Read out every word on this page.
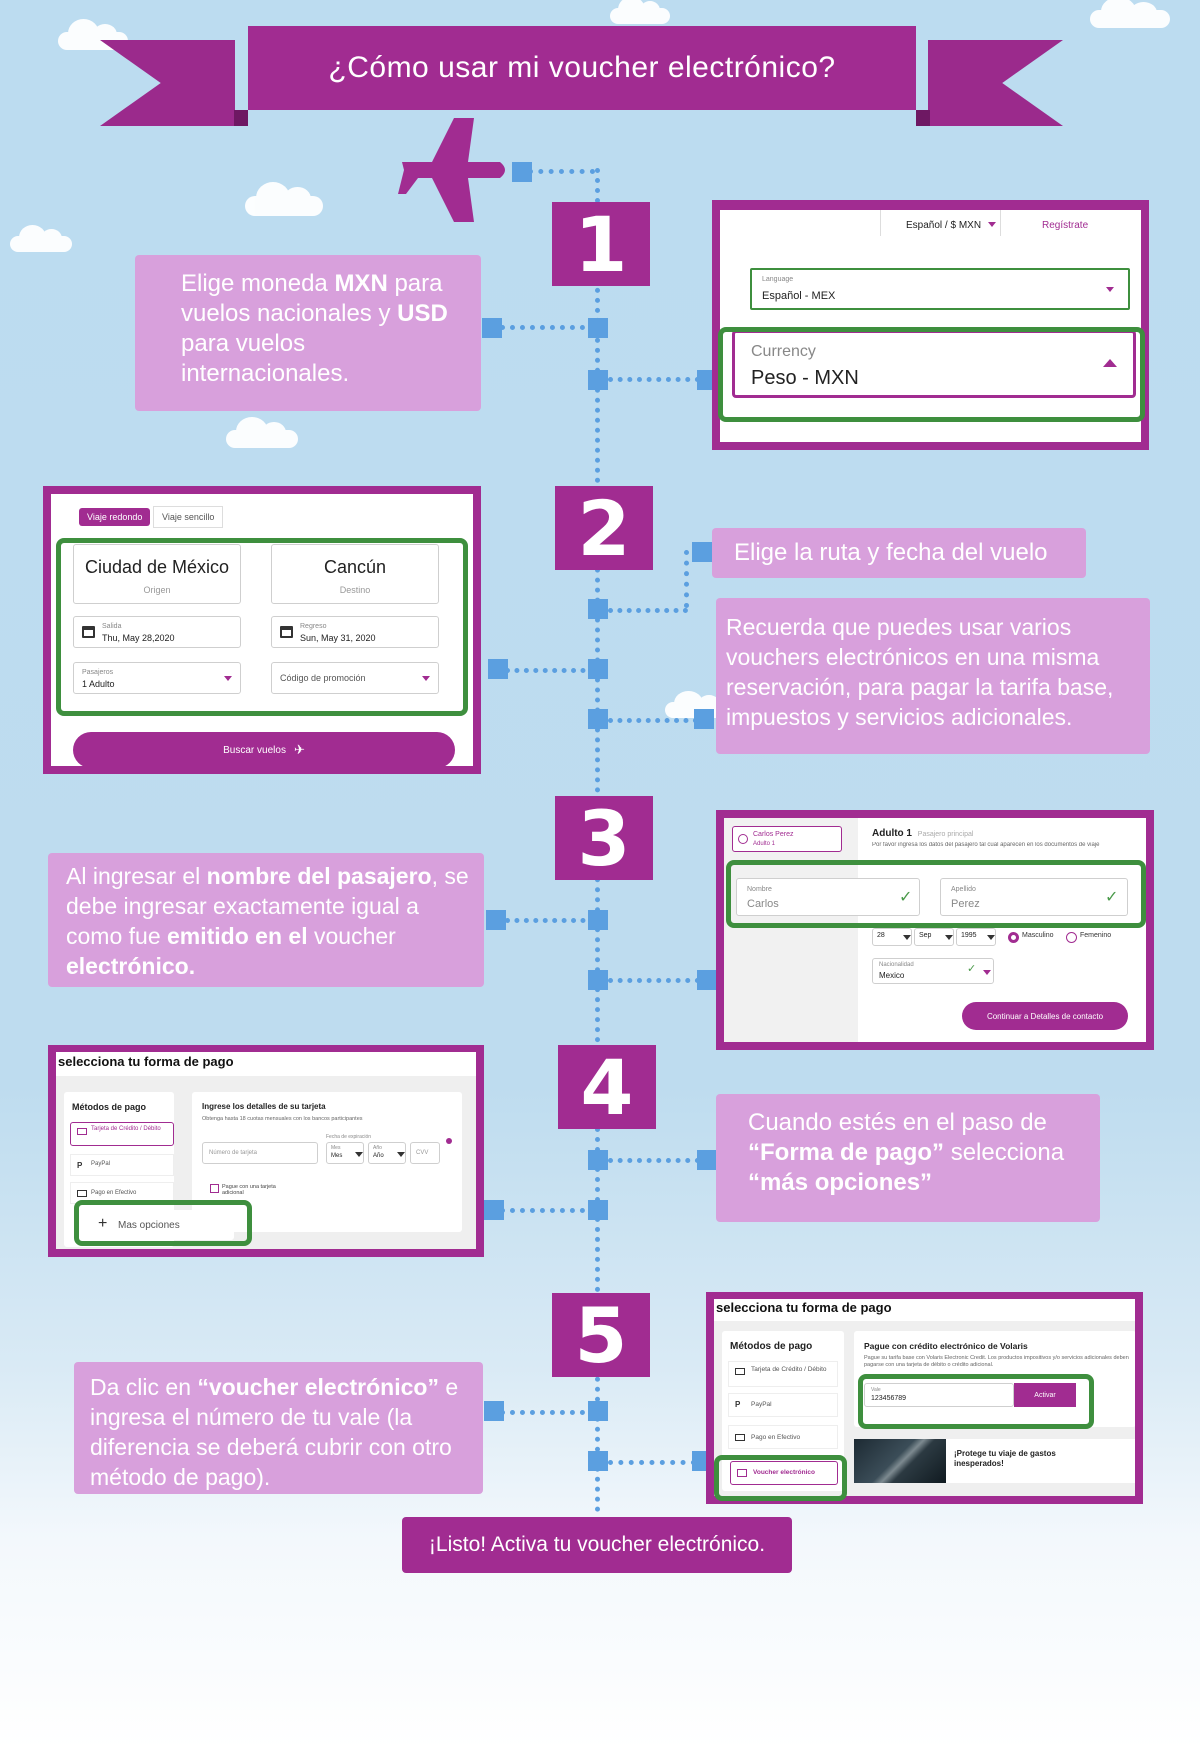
¿Cómo usar mi voucher electrónico?
1
2
3
4
5
Elige moneda MXN para vuelos nacionales y USD para vuelos internacionales.
Español / $ MXN	Regístrate
Language
Español - MEX
Currency
Peso - MXN
Viaje redondo	Viaje sencillo
Ciudad de México
Origen
Cancún
Destino
Salida
Thu, May 28,2020
Regreso
Sun, May 31, 2020
Pasajeros
1 Adulto
Código de promoción
Buscar vuelos ✈
Elige la ruta y fecha del vuelo
Recuerda que puedes usar varios vouchers electrónicos en una misma reservación, para pagar la tarifa base, impuestos y servicios adicionales.
Al ingresar el nombre del pasajero, se debe ingresar exactamente igual a como fue emitido en el voucher electrónico.
Carlos Perez
Adulto 1
Adulto 1 Pasajero principal
Por favor ingresa los datos del pasajero tal cual aparecen en los documentos de viaje
Nombre
Carlos	✓	Apellido
Perez	✓
28	Sep	1995	Masculino	Femenino
Nacionalidad
Mexico
✓
Continuar a Detalles de contacto
selecciona tu forma de pago
Métodos de pago
Tarjeta de Crédito / Débito
P PayPal
Pago en Efectivo
Ingrese los detalles de su tarjeta
Obtenga hasta 18 cuotas mensuales con los bancos participantes
Número de tarjeta
Fecha de expiración
Mes
Mes
Año
Año	CVV
Pague con una tarjeta adicional
+ Mas opciones
Cuando estés en el paso de “Forma de pago” selecciona “más opciones”
Da clic en “voucher electrónico” e ingresa el número de tu vale (la diferencia se deberá cubrir con otro método de pago).
selecciona tu forma de pago
Métodos de pago
Tarjeta de Crédito / Débito
P PayPal
Pago en Efectivo
Voucher electrónico
Pague con crédito electrónico de Volaris
Pague su tarifa base con Volaris Electronic Credit. Los productos impositivos y/o servicios adicionales deben pagarse con una tarjeta de débito o crédito adicional.
Vale
123456789	Activar
¡Protege tu viaje de gastos inesperados!
¡Listo! Activa tu voucher electrónico.
